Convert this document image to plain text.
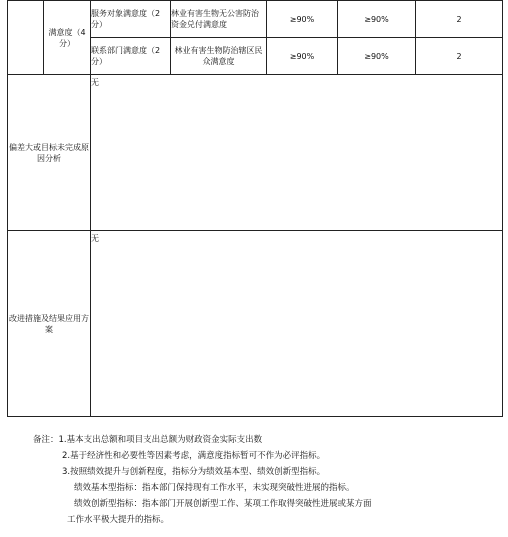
	满意度（4分）	服务对象满意度（2分）	林业有害生物无公害防治资金兑付满意度	≥90%	≥90%	2
		联系部门满意度（2分）	林业有害生物防治辖区民众满意度	≥90%	≥90%	2
偏差大或目标未完成原因分析		无				
改进措施及结果应用方案		无				
备注：1.基本支出总额和项目支出总额为财政资金实际支出数
2.基于经济性和必要性等因素考虑，满意度指标暂可不作为必评指标。
3.按照绩效提升与创新程度，指标分为绩效基本型、绩效创新型指标。
绩效基本型指标：指本部门保持现有工作水平，未实现突破性进展的指标。
绩效创新型指标：指本部门开展创新型工作、某项工作取得突破性进展或某方面
工作水平极大提升的指标。
